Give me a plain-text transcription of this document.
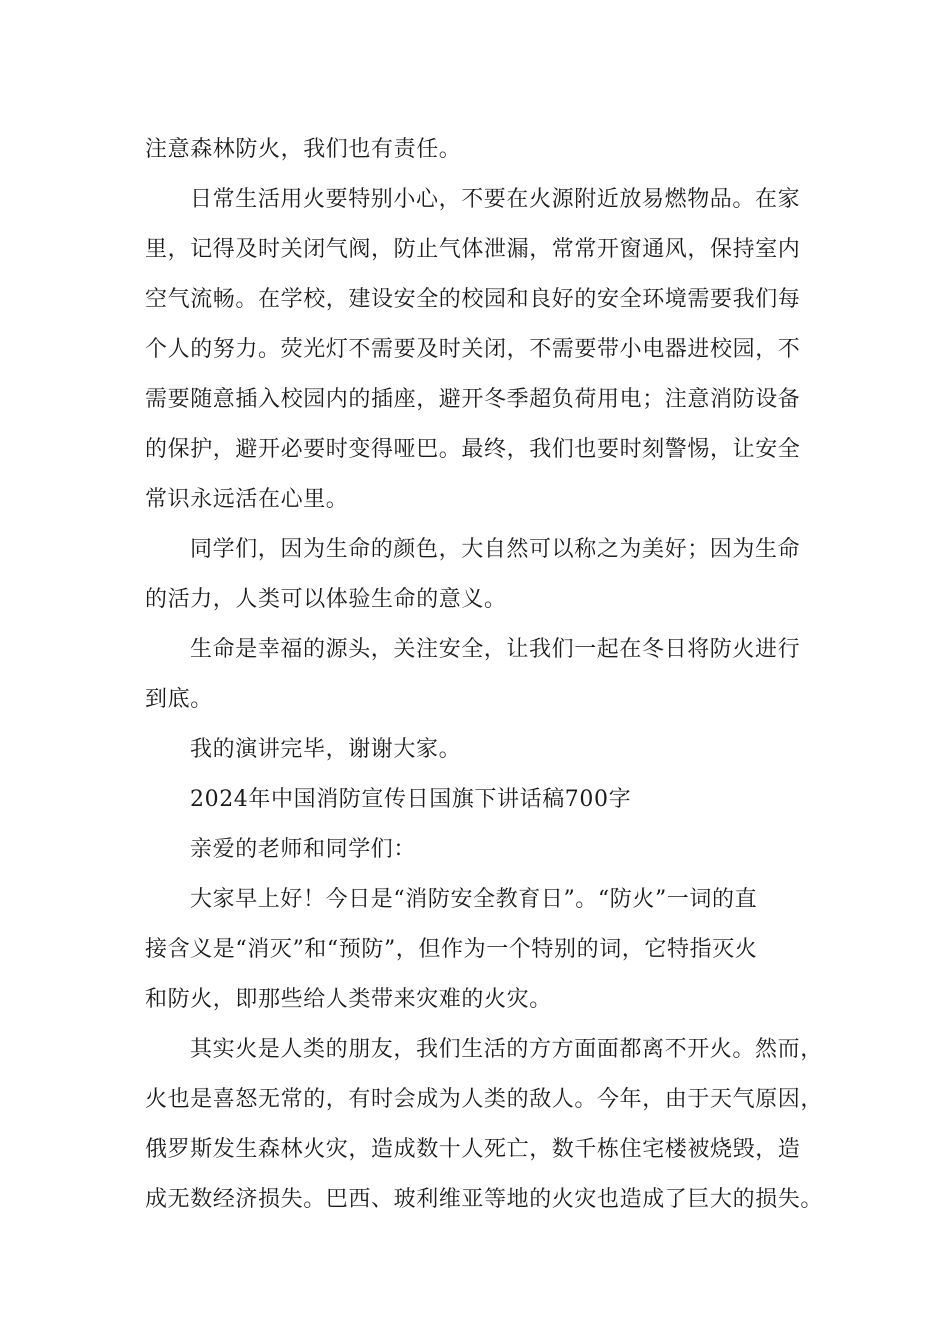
注意森林防火，我们也有责任。
日常生活用火要特别小心，不要在火源附近放易燃物品。在家
里，记得及时关闭气阀，防止气体泄漏，常常开窗通风，保持室内
空气流畅。在学校，建设安全的校园和良好的安全环境需要我们每
个人的努力。荧光灯不需要及时关闭，不需要带小电器进校园，不
需要随意插入校园内的插座，避开冬季超负荷用电；注意消防设备
的保护，避开必要时变得哑巴。最终，我们也要时刻警惕，让安全
常识永远活在心里。
同学们，因为生命的颜色，大自然可以称之为美好；因为生命
的活力，人类可以体验生命的意义。
生命是幸福的源头，关注安全，让我们一起在冬日将防火进行
到底。
我的演讲完毕，谢谢大家。
2024年中国消防宣传日国旗下讲话稿700字
亲爱的老师和同学们：
大家早上好！今日是“消防安全教育日”。“防火”一词的直
接含义是“消灭”和“预防”，但作为一个特别的词，它特指灭火
和防火，即那些给人类带来灾难的火灾。
其实火是人类的朋友，我们生活的方方面面都离不开火。然而，
火也是喜怒无常的，有时会成为人类的敌人。今年，由于天气原因，
俄罗斯发生森林火灾，造成数十人死亡，数千栋住宅楼被烧毁，造
成无数经济损失。巴西、玻利维亚等地的火灾也造成了巨大的损失。
